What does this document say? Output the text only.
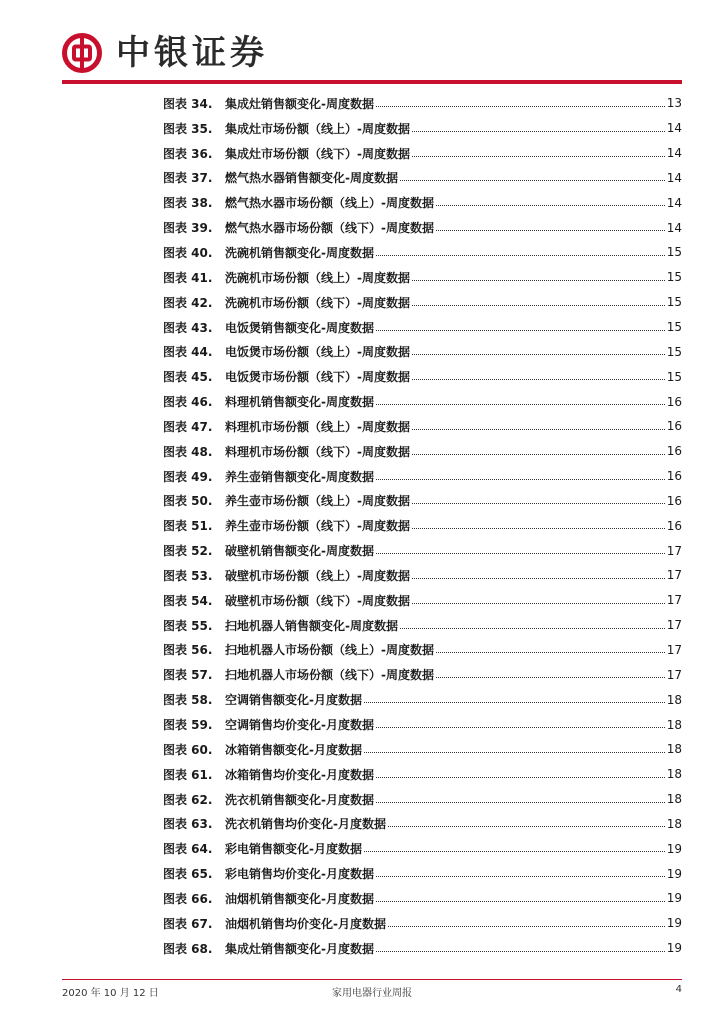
中银证券
图表 34.	集成灶销售额变化-周度数据	13
图表 35.	集成灶市场份额（线上）-周度数据	14
图表 36.	集成灶市场份额（线下）-周度数据	14
图表 37.	燃气热水器销售额变化-周度数据	14
图表 38.	燃气热水器市场份额（线上）-周度数据	14
图表 39.	燃气热水器市场份额（线下）-周度数据	14
图表 40.	洗碗机销售额变化-周度数据	15
图表 41.	洗碗机市场份额（线上）-周度数据	15
图表 42.	洗碗机市场份额（线下）-周度数据	15
图表 43.	电饭煲销售额变化-周度数据	15
图表 44.	电饭煲市场份额（线上）-周度数据	15
图表 45.	电饭煲市场份额（线下）-周度数据	15
图表 46.	料理机销售额变化-周度数据	16
图表 47.	料理机市场份额（线上）-周度数据	16
图表 48.	料理机市场份额（线下）-周度数据	16
图表 49.	养生壶销售额变化-周度数据	16
图表 50.	养生壶市场份额（线上）-周度数据	16
图表 51.	养生壶市场份额（线下）-周度数据	16
图表 52.	破壁机销售额变化-周度数据	17
图表 53.	破壁机市场份额（线上）-周度数据	17
图表 54.	破壁机市场份额（线下）-周度数据	17
图表 55.	扫地机器人销售额变化-周度数据	17
图表 56.	扫地机器人市场份额（线上）-周度数据	17
图表 57.	扫地机器人市场份额（线下）-周度数据	17
图表 58.	空调销售额变化-月度数据	18
图表 59.	空调销售均价变化-月度数据	18
图表 60.	冰箱销售额变化-月度数据	18
图表 61.	冰箱销售均价变化-月度数据	18
图表 62.	洗衣机销售额变化-月度数据	18
图表 63.	洗衣机销售均价变化-月度数据	18
图表 64.	彩电销售额变化-月度数据	19
图表 65.	彩电销售均价变化-月度数据	19
图表 66.	油烟机销售额变化-月度数据	19
图表 67.	油烟机销售均价变化-月度数据	19
图表 68.	集成灶销售额变化-月度数据	19
2020 年 10 月 12 日	家用电器行业周报	4
